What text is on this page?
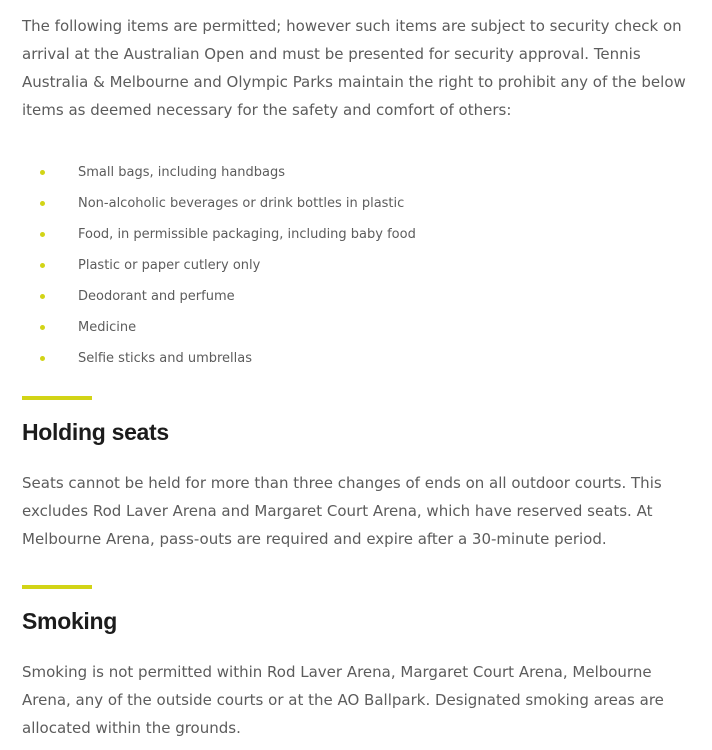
The following items are permitted; however such items are subject to security check on arrival at the Australian Open and must be presented for security approval. Tennis Australia & Melbourne and Olympic Parks maintain the right to prohibit any of the below items as deemed necessary for the safety and comfort of others:

Small bags, including handbags
Non-alcoholic beverages or drink bottles in plastic
Food, in permissible packaging, including baby food
Plastic or paper cutlery only
Deodorant and perfume
Medicine
Selfie sticks and umbrellas
Holding seats

Seats cannot be held for more than three changes of ends on all outdoor courts. This excludes Rod Laver Arena and Margaret Court Arena, which have reserved seats. At Melbourne Arena, pass-outs are required and expire after a 30-minute period.

Smoking

Smoking is not permitted within Rod Laver Arena, Margaret Court Arena, Melbourne Arena, any of the outside courts or at the AO Ballpark. Designated smoking areas are allocated within the grounds.
